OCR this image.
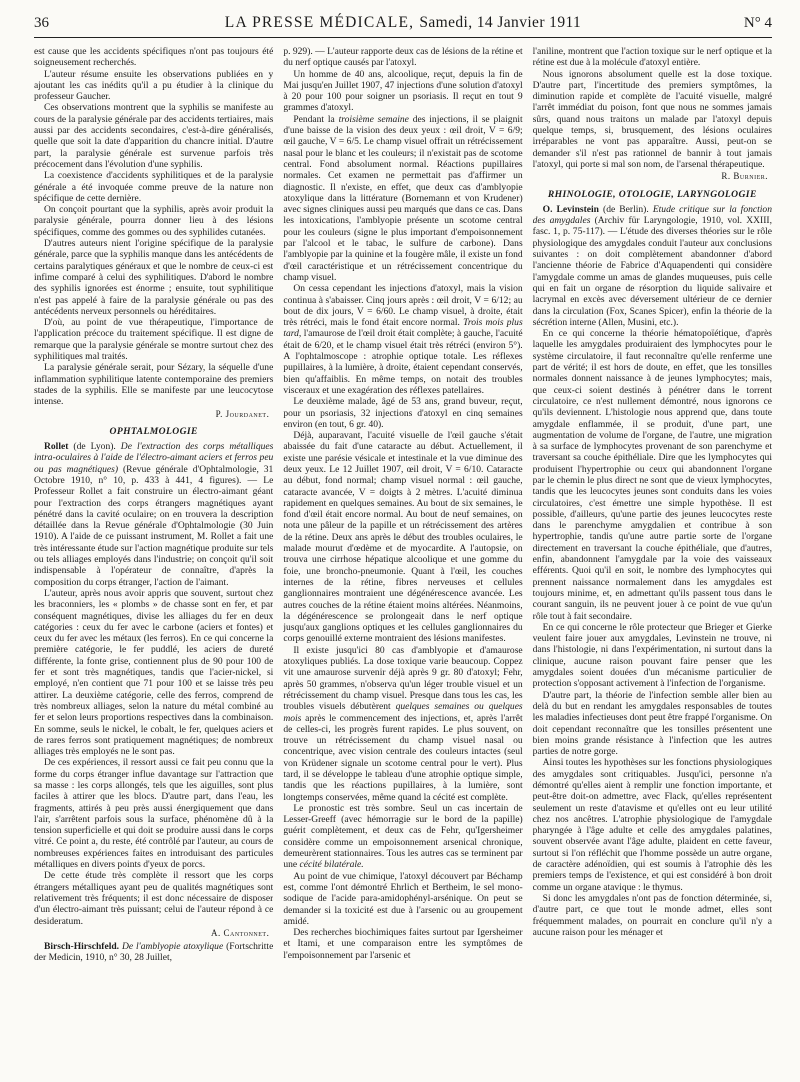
36	LA PRESSE MÉDICALE, Samedi, 14 Janvier 1911	N° 4

est cause que les accidents spécifiques n'ont pas toujours été soigneusement recherchés.

L'auteur résume ensuite les observations publiées en y ajoutant les cas inédits qu'il a pu étudier à la clinique du professeur Gaucher.

Ces observations montrent que la syphilis se manifeste au cours de la paralysie générale par des accidents tertiaires, mais aussi par des accidents secondaires, c'est-à-dire généralisés, quelle que soit la date d'apparition du chancre initial. D'autre part, la paralysie générale est survenue parfois très précocement dans l'évolution d'une syphilis.

La coexistence d'accidents syphilitiques et de la paralysie générale a été invoquée comme preuve de la nature non spécifique de cette dernière.

On conçoit pourtant que la syphilis, après avoir produit la paralysie générale, pourra donner lieu à des lésions spécifiques, comme des gommes ou des syphilides cutanées.

D'autres auteurs nient l'origine spécifique de la paralysie générale, parce que la syphilis manque dans les antécédents de certains paralytiques généraux et que le nombre de ceux-ci est infime comparé à celui des syphilitiques. D'abord le nombre des syphilis ignorées est énorme ; ensuite, tout syphilitique n'est pas appelé à faire de la paralysie générale ou pas des antécédents nerveux personnels ou héréditaires.

D'où, au point de vue thérapeutique, l'importance de l'application précoce du traitement spécifique. Il est digne de remarque que la paralysie générale se montre surtout chez des syphilitiques mal traités.

La paralysie générale serait, pour Sézary, la séquelle d'une inflammation syphilitique latente contemporaine des premiers stades de la syphilis. Elle se manifeste par une leucocytose intense.

P. Jourdanet.
OPHTALMOLOGIE

Rollet (de Lyon). De l'extraction des corps métalliques intra-oculaires à l'aide de l'électro-aimant aciers et ferros peu ou pas magnétiques) (Revue générale d'Ophtalmologie, 31 Octobre 1910, n° 10, p. 433 à 441, 4 figures). — Le Professeur Rollet a fait construire un électro-aimant géant pour l'extraction des corps étrangers magnétiques ayant pénétré dans la cavité oculaire; on en trouvera la description détaillée dans la Revue générale d'Ophtalmologie (30 Juin 1910). A l'aide de ce puissant instrument, M. Rollet a fait une très intéressante étude sur l'action magnétique produite sur tels ou tels alliages employés dans l'industrie; on conçoit qu'il soit indispensable à l'opérateur de connaître, d'après la composition du corps étranger, l'action de l'aimant.

L'auteur, après nous avoir appris que souvent, surtout chez les braconniers, les « plombs » de chasse sont en fer, et par conséquent magnétiques, divise les alliages du fer en deux catégories : ceux du fer avec le carbone (aciers et fontes) et ceux du fer avec les métaux (les ferros). En ce qui concerne la première catégorie, le fer puddlé, les aciers de dureté différente, la fonte grise, contiennent plus de 90 pour 100 de fer et sont très magnétiques, tandis que l'acier-nickel, si employé, n'en contient que 71 pour 100 et se laisse très peu attirer. La deuxième catégorie, celle des ferros, comprend de très nombreux alliages, selon la nature du métal combiné au fer et selon leurs proportions respectives dans la combinaison. En somme, seuls le nickel, le cobalt, le fer, quelques aciers et de rares ferros sont pratiquement magnétiques; de nombreux alliages très employés ne le sont pas.

De ces expériences, il ressort aussi ce fait peu connu que la forme du corps étranger influe davantage sur l'attraction que sa masse : les corps allongés, tels que les aiguilles, sont plus faciles à attirer que les blocs. D'autre part, dans l'eau, les fragments, attirés à peu près aussi énergiquement que dans l'air, s'arrêtent parfois sous la surface, phénomène dû à la tension superficielle et qui doit se produire aussi dans le corps vitré. Ce point a, du reste, été contrôlé par l'auteur, au cours de nombreuses expériences faites en introduisant des particules métalliques en divers points d'yeux de porcs.

De cette étude très complète il ressort que les corps étrangers métalliques ayant peu de qualités magnétiques sont relativement très fréquents; il est donc nécessaire de disposer d'un électro-aimant très puissant; celui de l'auteur répond à ce desideratum.

A. Cantonnet.

Birsch-Hirschfeld. De l'amblyopie atoxylique (Fortschritte der Medicin, 1910, n° 30, 28 Juillet,

p. 929). — L'auteur rapporte deux cas de lésions de la rétine et du nerf optique causés par l'atoxyl.

Un homme de 40 ans, alcoolique, reçut, depuis la fin de Mai jusqu'en Juillet 1907, 47 injections d'une solution d'atoxyl à 20 pour 100 pour soigner un psoriasis. Il reçut en tout 9 grammes d'atoxyl.

Pendant la troisième semaine des injections, il se plaignit d'une baisse de la vision des deux yeux : œil droit, V = 6/9; œil gauche, V = 6/5. Le champ visuel offrait un rétrécissement nasal pour le blanc et les couleurs; il n'existait pas de scotome central. Fond absolument normal. Réactions pupillaires normales. Cet examen ne permettait pas d'affirmer un diagnostic. Il n'existe, en effet, que deux cas d'amblyopie atoxylique dans la littérature (Bornemann et von Krudener) avec signes cliniques aussi peu marqués que dans ce cas. Dans les intoxications, l'amblyopie présente un scotome central pour les couleurs (signe le plus important d'empoisonnement par l'alcool et le tabac, le sulfure de carbone). Dans l'amblyopie par la quinine et la fougère mâle, il existe un fond d'œil caractéristique et un rétrécissement concentrique du champ visuel.

On cessa cependant les injections d'atoxyl, mais la vision continua à s'abaisser. Cinq jours après : œil droit, V = 6/12; au bout de dix jours, V = 6/60. Le champ visuel, à droite, était très rétréci, mais le fond était encore normal. Trois mois plus tard, l'amaurose de l'œil droit était complète; à gauche, l'acuité était de 6/20, et le champ visuel était très rétréci (environ 5°). A l'ophtalmoscope : atrophie optique totale. Les réflexes pupillaires, à la lumière, à droite, étaient cependant conservés, bien qu'affaiblis. En même temps, on notait des troubles visceraux et une exagération des réflexes patellaires.

Le deuxième malade, âgé de 53 ans, grand buveur, reçut, pour un psoriasis, 32 injections d'atoxyl en cinq semaines environ (en tout, 6 gr. 40).

Déjà, auparavant, l'acuité visuelle de l'œil gauche s'était abaissée du fait d'une cataracte au début. Actuellement, il existe une parésie vésicale et intestinale et la vue diminue des deux yeux. Le 12 Juillet 1907, œil droit, V = 6/10. Cataracte au début, fond normal; champ visuel normal : œil gauche, cataracte avancée, V = doigts à 2 mètres. L'acuité diminua rapidement en quelques semaines. Au bout de six semaines, le fond d'œil était encore normal. Au bout de neuf semaines, on nota une pâleur de la papille et un rétrécissement des artères de la rétine. Deux ans après le début des troubles oculaires, le malade mourut d'œdème et de myocardite. A l'autopsie, on trouva une cirrhose hépatique alcoolique et une gomme du foie, une broncho-pneumonie. Quant à l'œil, les couches internes de la rétine, fibres nerveuses et cellules ganglionnaires montraient une dégénérescence avancée. Les autres couches de la rétine étaient moins altérées. Néanmoins, la dégénérescence se prolongeait dans le nerf optique jusqu'aux ganglions optiques et les cellules ganglionnaires du corps genouillé externe montraient des lésions manifestes.

Il existe jusqu'ici 80 cas d'amblyopie et d'amaurose atoxyliques publiés. La dose toxique varie beaucoup. Coppez vit une amaurose survenir déjà après 9 gr. 80 d'atoxyl; Fehr, après 50 grammes, n'observa qu'un léger trouble visuel et un rétrécissement du champ visuel. Presque dans tous les cas, les troubles visuels débutèrent quelques semaines ou quelques mois après le commencement des injections, et, après l'arrêt de celles-ci, les progrès furent rapides. Le plus souvent, on trouve un rétrécissement du champ visuel nasal ou concentrique, avec vision centrale des couleurs intactes (seul von Krüdener signale un scotome central pour le vert). Plus tard, il se développe le tableau d'une atrophie optique simple, tandis que les réactions pupillaires, à la lumière, sont longtemps conservées, même quand la cécité est complète.

Le pronostic est très sombre. Seul un cas incertain de Lesser-Greeff (avec hémorragie sur le bord de la papille) guérit complètement, et deux cas de Fehr, qu'Igersheimer considère comme un empoisonnement arsenical chronique, demeurèrent stationnaires. Tous les autres cas se terminent par une cécité bilatérale.

Au point de vue chimique, l'atoxyl découvert par Béchamp est, comme l'ont démontré Ehrlich et Bertheim, le sel mono-sodique de l'acide para-amidophényl-arsénique. On peut se demander si la toxicité est due à l'arsenic ou au groupement amidé.

Des recherches biochimiques faites surtout par Igersheimer et Itami, et une comparaison entre les symptômes de l'empoisonnement par l'arsenic et

l'aniline, montrent que l'action toxique sur le nerf optique et la rétine est due à la molécule d'atoxyl entière.

Nous ignorons absolument quelle est la dose toxique. D'autre part, l'incertitude des premiers symptômes, la diminution rapide et complète de l'acuité visuelle, malgré l'arrêt immédiat du poison, font que nous ne sommes jamais sûrs, quand nous traitons un malade par l'atoxyl depuis quelque temps, si, brusquement, des lésions oculaires irréparables ne vont pas apparaître. Aussi, peut-on se demander s'il n'est pas rationnel de bannir à tout jamais l'atoxyl, qui porte si mal son nom, de l'arsenal thérapeutique.

R. Burnier.
RHINOLOGIE, OTOLOGIE, LARYNGOLOGIE

O. Levinstein (de Berlin). Etude critique sur la fonction des amygdales (Archiv für Laryngologie, 1910, vol. XXIII, fasc. 1, p. 75-117). — L'étude des diverses théories sur le rôle physiologique des amygdales conduit l'auteur aux conclusions suivantes : on doit complètement abandonner d'abord l'ancienne théorie de Fabrice d'Aquapendenti qui considère l'amygdale comme un amas de glandes muqueuses, puis celle qui en fait un organe de résorption du liquide salivaire et lacrymal en excès avec déversement ultérieur de ce dernier dans la circulation (Fox, Scanes Spicer), enfin la théorie de la sécrétion interne (Allen, Musini, etc.).

En ce qui concerne la théorie hématopoïétique, d'après laquelle les amygdales produiraient des lymphocytes pour le système circulatoire, il faut reconnaître qu'elle renferme une part de vérité; il est hors de doute, en effet, que les tonsilles normales donnent naissance à de jeunes lymphocytes; mais, que ceux-ci soient destinés à pénétrer dans le torrent circulatoire, ce n'est nullement démontré, nous ignorons ce qu'ils deviennent. L'histologie nous apprend que, dans toute amygdale enflammée, il se produit, d'une part, une augmentation de volume de l'organe, de l'autre, une migration à sa surface de lymphocytes provenant de son parenchyme et traversant sa couche épithéliale. Dire que les lymphocytes qui produisent l'hypertrophie ou ceux qui abandonnent l'organe par le chemin le plus direct ne sont que de vieux lymphocytes, tandis que les leucocytes jeunes sont conduits dans les voies circulatoires, c'est émettre une simple hypothèse. Il est possible, d'ailleurs, qu'une partie des jeunes leucocytes reste dans le parenchyme amygdalien et contribue à son hypertrophie, tandis qu'une autre partie sorte de l'organe directement en traversant la couche épithéliale, que d'autres, enfin, abandonnent l'amygdale par la voie des vaisseaux efférents. Quoi qu'il en soit, le nombre des lymphocytes qui prennent naissance normalement dans les amygdales est toujours minime, et, en admettant qu'ils passent tous dans le courant sanguin, ils ne peuvent jouer à ce point de vue qu'un rôle tout à fait secondaire.

En ce qui concerne le rôle protecteur que Brieger et Gierke veulent faire jouer aux amygdales, Levinstein ne trouve, ni dans l'histologie, ni dans l'expérimentation, ni surtout dans la clinique, aucune raison pouvant faire penser que les amygdales soient douées d'un mécanisme particulier de protection s'opposant activement à l'infection de l'organisme.

D'autre part, la théorie de l'infection semble aller bien au delà du but en rendant les amygdales responsables de toutes les maladies infectieuses dont peut être frappé l'organisme. On doit cependant reconnaître que les tonsilles présentent une bien moins grande résistance à l'infection que les autres parties de notre gorge.

Ainsi toutes les hypothèses sur les fonctions physiologiques des amygdales sont critiquables. Jusqu'ici, personne n'a démontré qu'elles aient à remplir une fonction importante, et peut-être doit-on admettre, avec Flack, qu'elles représentent seulement un reste d'atavisme et qu'elles ont eu leur utilité chez nos ancêtres. L'atrophie physiologique de l'amygdale pharyngée à l'âge adulte et celle des amygdales palatines, souvent observée avant l'âge adulte, plaident en cette faveur, surtout si l'on réfléchit que l'homme possède un autre organe, de caractère adénoïdien, qui est soumis à l'atrophie dès les premiers temps de l'existence, et qui est considéré à bon droit comme un organe atavique : le thymus.

Si donc les amygdales n'ont pas de fonction déterminée, si, d'autre part, ce que tout le monde admet, elles sont fréquemment malades, on pourrait en conclure qu'il n'y a aucune raison pour les ménager et
